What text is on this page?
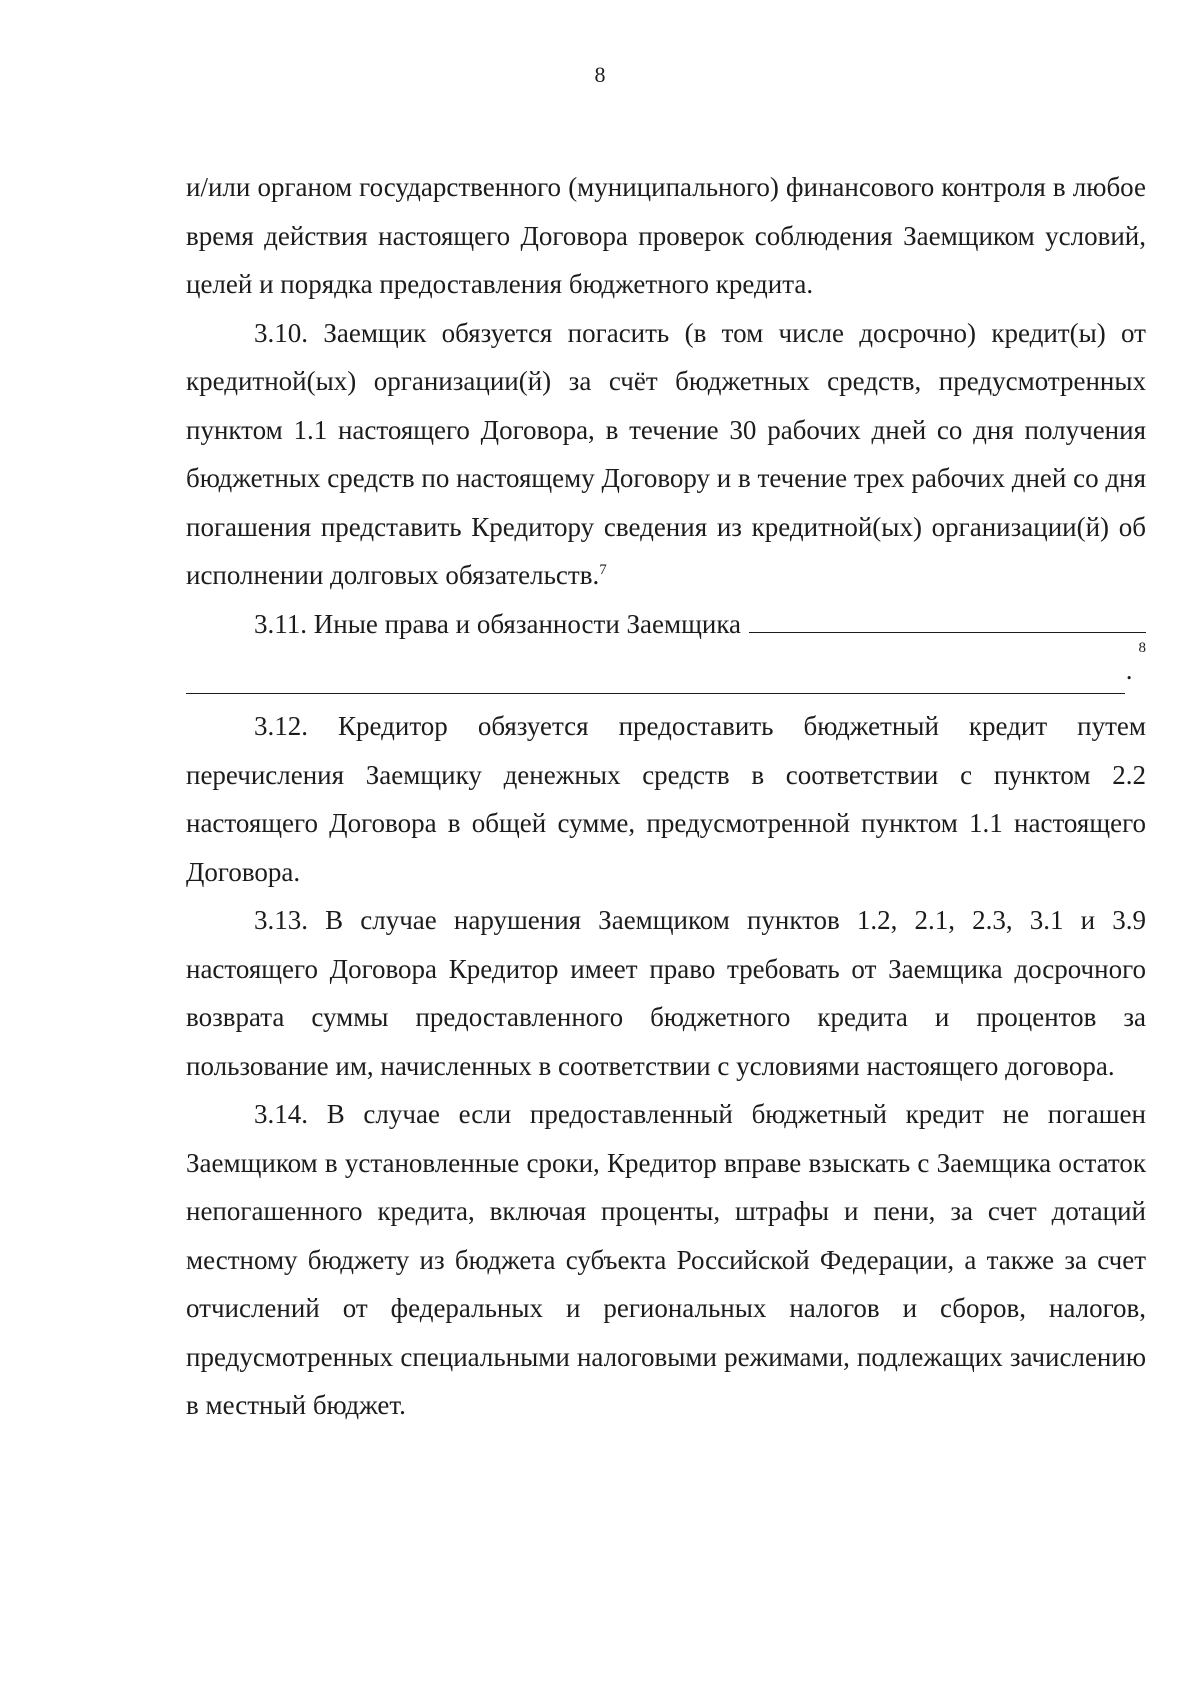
8

и/или органом государственного (муниципального) финансового контроля в любое время действия настоящего Договора проверок соблюдения Заемщиком условий, целей и порядка предоставления бюджетного кредита.

3.10. Заемщик обязуется погасить (в том числе досрочно) кредит(ы) от кредитной(ых) организации(й) за счёт бюджетных средств, предусмотренных пунктом 1.1 настоящего Договора, в течение 30 рабочих дней со дня получения бюджетных средств по настоящему Договору и в течение трех рабочих дней со дня погашения представить Кредитору сведения из кредитной(ых) организации(й) об исполнении долговых обязательств.$^7$

3.11. Иные права и обязанности Заемщика
.
8

3.12. Кредитор обязуется предоставить бюджетный кредит путем перечисления Заемщику денежных средств в соответствии с пунктом 2.2 настоящего Договора в общей сумме, предусмотренной пунктом 1.1 настоящего Договора.

3.13. В случае нарушения Заемщиком пунктов 1.2, 2.1, 2.3, 3.1 и 3.9 настоящего Договора Кредитор имеет право требовать от Заемщика досрочного возврата суммы предоставленного бюджетного кредита и процентов за пользование им, начисленных в соответствии с условиями настоящего договора.

3.14. В случае если предоставленный бюджетный кредит не погашен Заемщиком в установленные сроки, Кредитор вправе взыскать с Заемщика остаток непогашенного кредита, включая проценты, штрафы и пени, за счет дотаций местному бюджету из бюджета субъекта Российской Федерации, а также за счет отчислений от федеральных и региональных налогов и сборов, налогов, предусмотренных специальными налоговыми режимами, подлежащих зачислению в местный бюджет.
